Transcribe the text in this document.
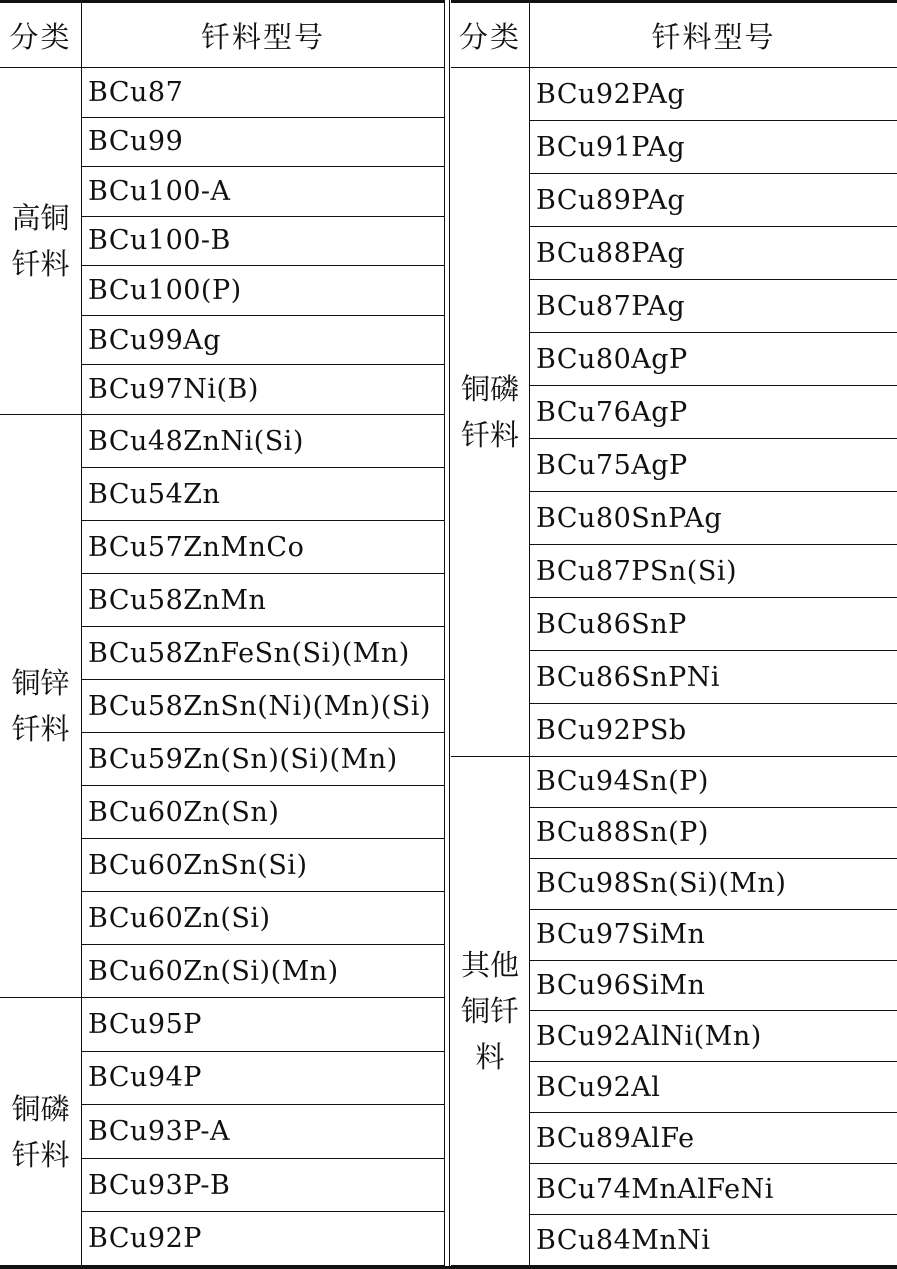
分类	钎料型号
高铜钎料
BCu87
BCu99
BCu100-A
BCu100-B
BCu100(P)
BCu99Ag
BCu97Ni(B)
铜锌钎料
BCu48ZnNi(Si)
BCu54Zn
BCu57ZnMnCo
BCu58ZnMn
BCu58ZnFeSn(Si)(Mn)
BCu58ZnSn(Ni)(Mn)(Si)
BCu59Zn(Sn)(Si)(Mn)
BCu60Zn(Sn)
BCu60ZnSn(Si)
BCu60Zn(Si)
BCu60Zn(Si)(Mn)
铜磷钎料
BCu95P
BCu94P
BCu93P-A
BCu93P-B
BCu92P
分类	钎料型号
铜磷钎料
BCu92PAg
BCu91PAg
BCu89PAg
BCu88PAg
BCu87PAg
BCu80AgP
BCu76AgP
BCu75AgP
BCu80SnPAg
BCu87PSn(Si)
BCu86SnP
BCu86SnPNi
BCu92PSb
其他铜钎料
BCu94Sn(P)
BCu88Sn(P)
BCu98Sn(Si)(Mn)
BCu97SiMn
BCu96SiMn
BCu92AlNi(Mn)
BCu92Al
BCu89AlFe
BCu74MnAlFeNi
BCu84MnNi
